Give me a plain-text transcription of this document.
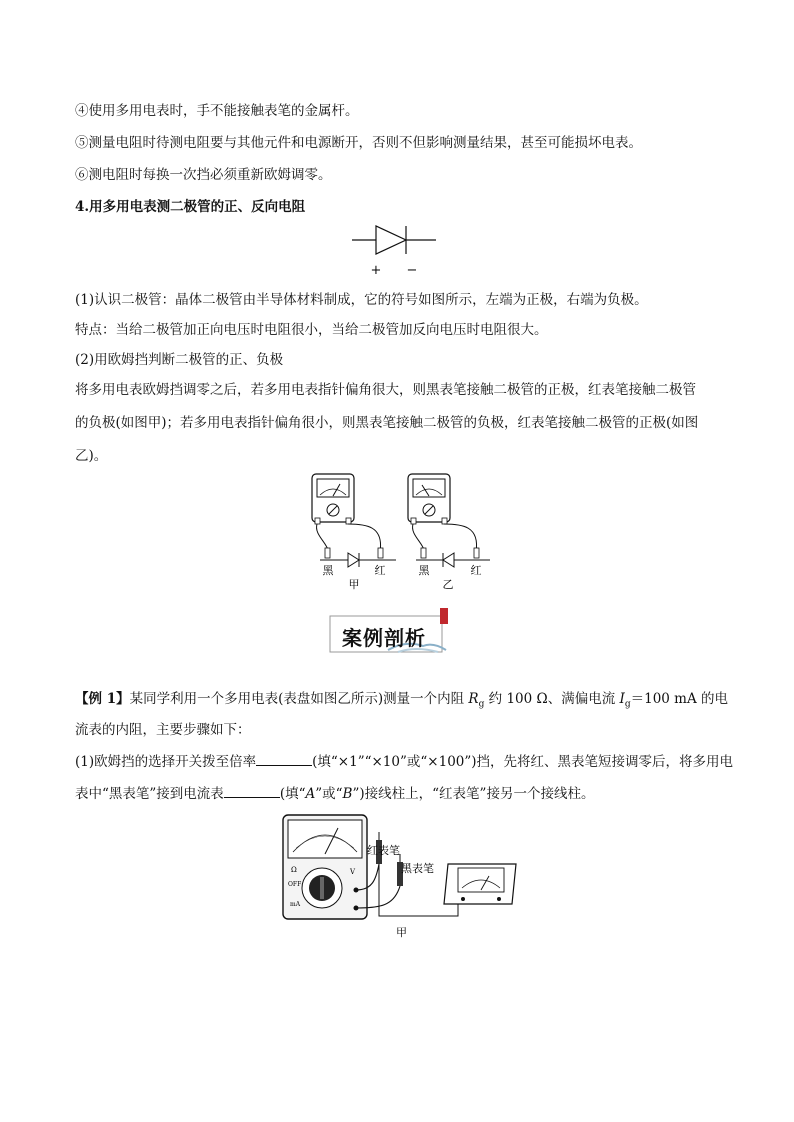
④使用多用电表时，手不能接触表笔的金属杆。
⑤测量电阻时待测电阻要与其他元件和电源断开，否则不但影响测量结果，甚至可能损坏电表。
⑥测电阻时每换一次挡必须重新欧姆调零。
4.用多用电表测二极管的正、反向电阻
+ −
(1)认识二极管：晶体二极管由半导体材料制成，它的符号如图所示，左端为正极，右端为负极。
特点：当给二极管加正向电压时电阻很小，当给二极管加反向电压时电阻很大。
(2)用欧姆挡判断二极管的正、负极
将多用电表欧姆挡调零之后，若多用电表指针偏角很大，则黑表笔接触二极管的正极，红表笔接触二极管
的负极(如图甲)；若多用电表指针偏角很小，则黑表笔接触二极管的负极，红表笔接触二极管的正极(如图
乙)。
黑	红
甲
黑	红
乙
案例剖析
【例 1】某同学利用一个多用电表(表盘如图乙所示)测量一个内阻 $R_g$ 约 100 Ω、满偏电流 $I_g=100$ mA 的电
流表的内阻，主要步骤如下：
(1)欧姆挡的选择开关拨至倍率	(填“×1”“×10”或“×100”)挡，先将红、黑表笔短接调零后，将多用电
表中“黑表笔”接到电流表	(填“A”或“B”)接线柱上，“红表笔”接另一个接线柱。
Ω
OFF
V
mA
红表笔
黑表笔
甲
